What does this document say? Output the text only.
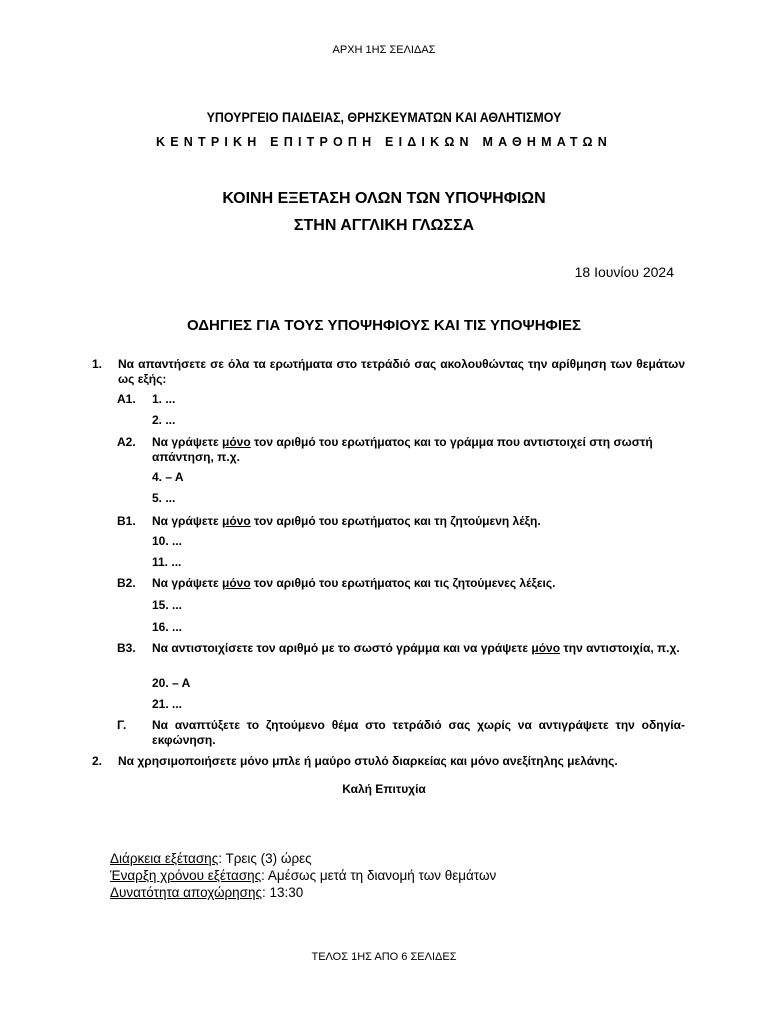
ΑΡΧΗ 1ΗΣ ΣΕΛΙΔΑΣ
ΥΠΟΥΡΓΕΙΟ ΠΑΙΔΕΙΑΣ, ΘΡΗΣΚΕΥΜΑΤΩΝ ΚΑΙ ΑΘΛΗΤΙΣΜΟΥ
ΚΕΝΤΡΙΚΗ ΕΠΙΤΡΟΠΗ ΕΙΔΙΚΩΝ ΜΑΘΗΜΑΤΩΝ
ΚΟΙΝΗ ΕΞΕΤΑΣΗ ΟΛΩΝ ΤΩΝ ΥΠΟΨΗΦΙΩΝ
ΣΤΗΝ ΑΓΓΛΙΚΗ ΓΛΩΣΣΑ
18 Ιουνίου 2024
ΟΔΗΓΙΕΣ ΓΙΑ ΤΟΥΣ ΥΠΟΨΗΦΙΟΥΣ ΚΑΙ ΤΙΣ ΥΠΟΨΗΦΙΕΣ
1. Να απαντήσετε σε όλα τα ερωτήματα στο τετράδιό σας ακολουθώντας την αρίθμηση των θεμάτων ως εξής:
Α1. 1. ...
2. ...
Α2. Να γράψετε μόνο τον αριθμό του ερωτήματος και το γράμμα που αντιστοιχεί στη σωστή απάντηση, π.χ.
4. – A
5. ...
Β1. Να γράψετε μόνο τον αριθμό του ερωτήματος και τη ζητούμενη λέξη.
10. ...
11. ...
Β2. Να γράψετε μόνο τον αριθμό του ερωτήματος και τις ζητούμενες λέξεις.
15. ...
16. ...
Β3. Να αντιστοιχίσετε τον αριθμό με το σωστό γράμμα και να γράψετε μόνο την αντιστοιχία, π.χ.
20. – A
21. ...
Γ. Να αναπτύξετε το ζητούμενο θέμα στο τετράδιό σας χωρίς να αντιγράψετε την οδηγία-εκφώνηση.
2. Να χρησιμοποιήσετε μόνο μπλε ή μαύρο στυλό διαρκείας και μόνο ανεξίτηλης μελάνης.
Καλή Επιτυχία
Διάρκεια εξέτασης: Τρεις (3) ώρες
Έναρξη χρόνου εξέτασης: Αμέσως μετά τη διανομή των θεμάτων
Δυνατότητα αποχώρησης: 13:30
ΤΕΛΟΣ 1ΗΣ ΑΠΟ 6 ΣΕΛΙΔΕΣ
